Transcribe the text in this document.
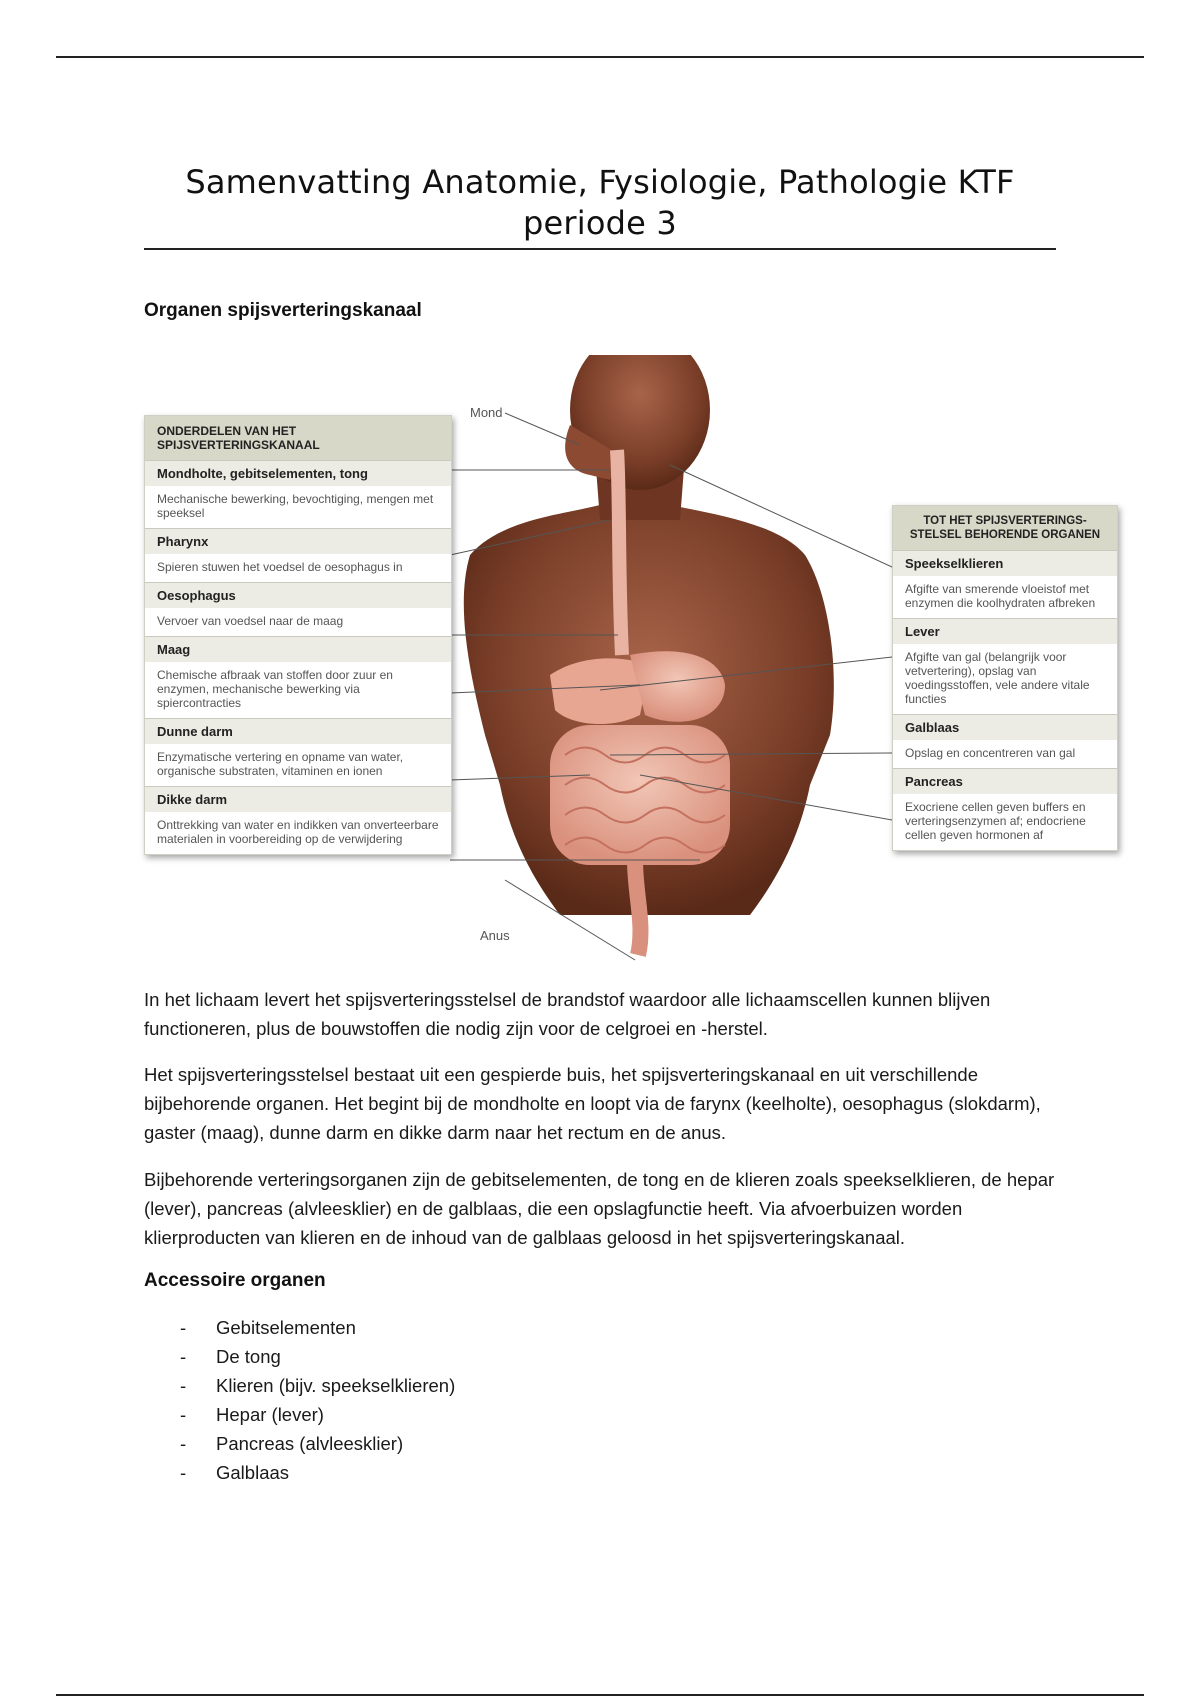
Samenvatting Anatomie, Fysiologie, Pathologie KTF periode 3
Organen spijsverteringskanaal
Mond
Anus
ONDERDELEN VAN HET SPIJSVERTERINGSKANAAL
Mondholte, gebitselementen, tong
Mechanische bewerking, bevochtiging, mengen met speeksel
Pharynx
Spieren stuwen het voedsel de oesophagus in
Oesophagus
Vervoer van voedsel naar de maag
Maag
Chemische afbraak van stoffen door zuur en enzymen, mechanische bewerking via spiercontracties
Dunne darm
Enzymatische vertering en opname van water, organische substraten, vitaminen en ionen
Dikke darm
Onttrekking van water en indikken van onverteerbare materialen in voorbereiding op de verwijdering
TOT HET SPIJSVERTERINGS-STELSEL BEHORENDE ORGANEN
Speekselklieren
Afgifte van smerende vloeistof met enzymen die koolhydraten afbreken
Lever
Afgifte van gal (belangrijk voor vetvertering), opslag van voedingsstoffen, vele andere vitale functies
Galblaas
Opslag en concentreren van gal
Pancreas
Exocriene cellen geven buffers en verteringsenzymen af; endocriene cellen geven hormonen af
In het lichaam levert het spijsverteringsstelsel de brandstof waardoor alle lichaamscellen kunnen blijven functioneren, plus de bouwstoffen die nodig zijn voor de celgroei en -herstel.
Het spijsverteringsstelsel bestaat uit een gespierde buis, het spijsverteringskanaal en uit verschillende bijbehorende organen. Het begint bij de mondholte en loopt via de farynx (keelholte), oesophagus (slokdarm), gaster (maag), dunne darm en dikke darm naar het rectum en de anus.
Bijbehorende verteringsorganen zijn de gebitselementen, de tong en de klieren zoals speekselklieren, de hepar (lever), pancreas (alvleesklier) en de galblaas, die een opslagfunctie heeft. Via afvoerbuizen worden klierproducten van klieren en de inhoud van de galblaas geloosd in het spijsverteringskanaal.
Accessoire organen
- Gebitselementen
- De tong
- Klieren (bijv. speekselklieren)
- Hepar (lever)
- Pancreas (alvleesklier)
- Galblaas
